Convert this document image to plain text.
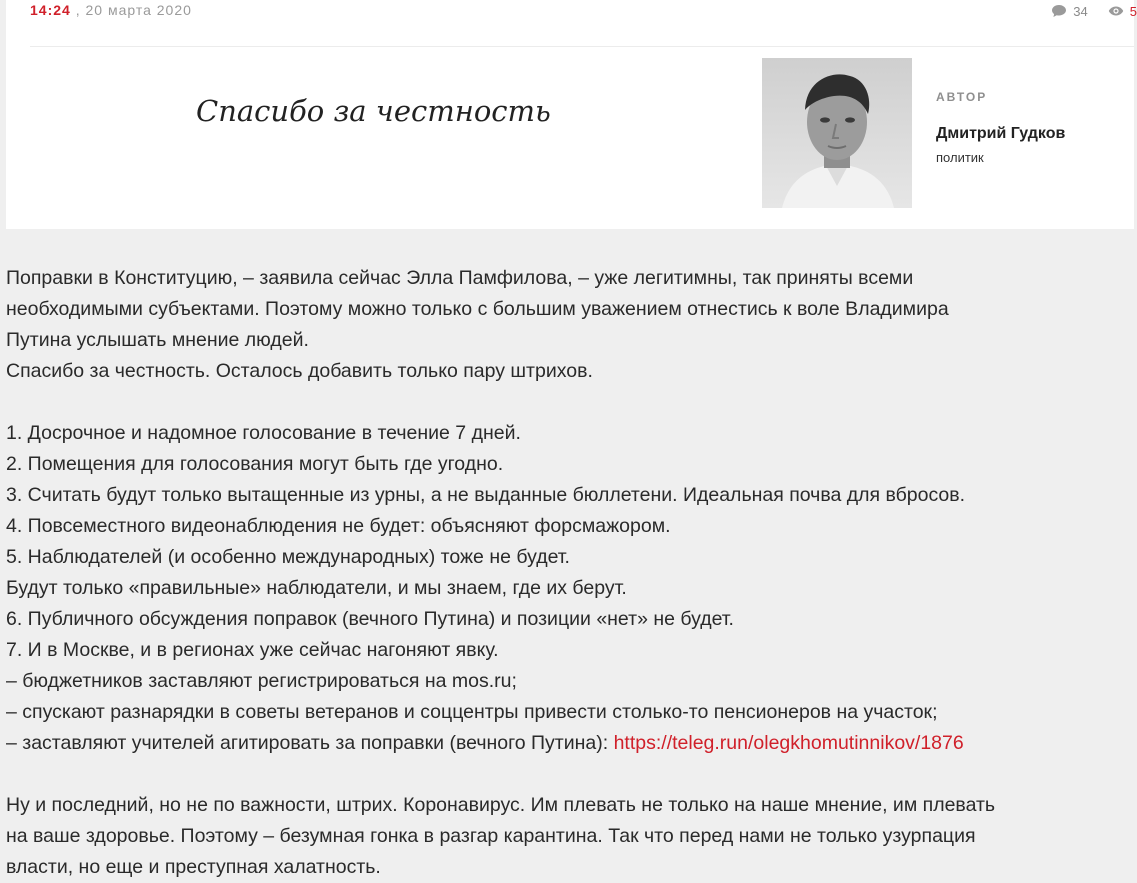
14:24 , 20 марта 2020	34	5
Спасибо за честность	АВТОР
Дмитрий Гудков
политик

Поправки в Конституцию, – заявила сейчас Элла Памфилова, – уже легитимны, так приняты всеми

необходимыми субъектами. Поэтому можно только с большим уважением отнестись к воле Владимира

Путина услышать мнение людей.

Спасибо за честность. Осталось добавить только пару штрихов.

1. Досрочное и надомное голосование в течение 7 дней.

2. Помещения для голосования могут быть где угодно.

3. Считать будут только вытащенные из урны, а не выданные бюллетени. Идеальная почва для вбросов.

4. Повсеместного видеонаблюдения не будет: объясняют форсмажором.

5. Наблюдателей (и особенно международных) тоже не будет.

Будут только «правильные» наблюдатели, и мы знаем, где их берут.

6. Публичного обсуждения поправок (вечного Путина) и позиции «нет» не будет.

7. И в Москве, и в регионах уже сейчас нагоняют явку.

– бюджетников заставляют регистрироваться на mos.ru;

– спускают разнарядки в советы ветеранов и соццентры привести столько-то пенсионеров на участок;

– заставляют учителей агитировать за поправки (вечного Путина): https://teleg.run/olegkhomutinnikov/1876

Ну и последний, но не по важности, штрих. Коронавирус. Им плевать не только на наше мнение, им плевать

на ваше здоровье. Поэтому – безумная гонка в разгар карантина. Так что перед нами не только узурпация

власти, но еще и преступная халатность.
